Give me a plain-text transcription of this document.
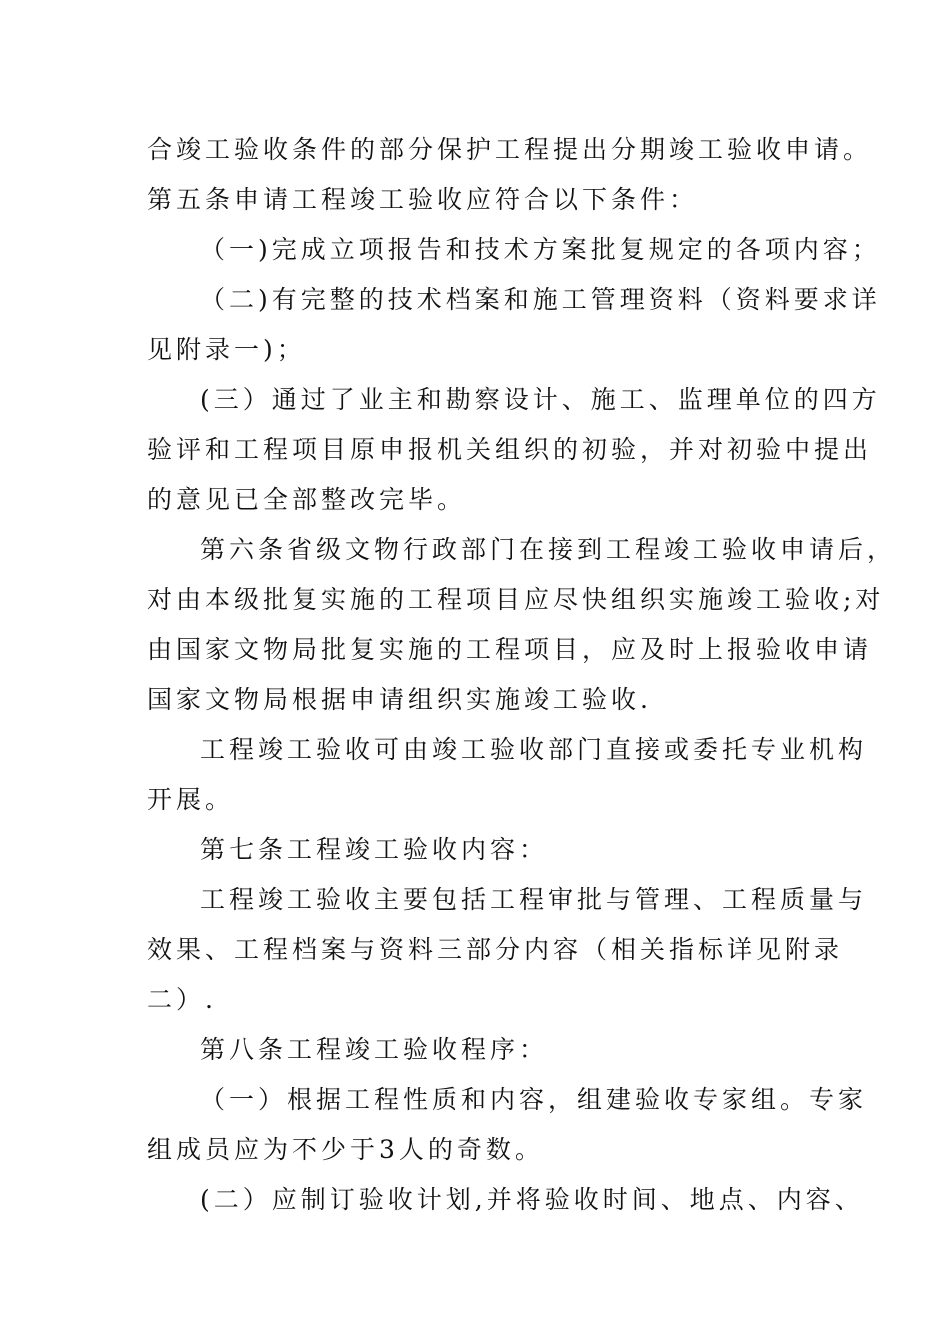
合竣工验收条件的部分保护工程提出分期竣工验收申请。
第五条申请工程竣工验收应符合以下条件：
（一)完成立项报告和技术方案批复规定的各项内容；
（二)有完整的技术档案和施工管理资料（资料要求详
见附录一)；
(三）通过了业主和勘察设计、施工、监理单位的四方
验评和工程项目原申报机关组织的初验，并对初验中提出
的意见已全部整改完毕。
第六条省级文物行政部门在接到工程竣工验收申请后，
对由本级批复实施的工程项目应尽快组织实施竣工验收;对
由国家文物局批复实施的工程项目，应及时上报验收申请
国家文物局根据申请组织实施竣工验收.
工程竣工验收可由竣工验收部门直接或委托专业机构
开展。
第七条工程竣工验收内容：
工程竣工验收主要包括工程审批与管理、工程质量与
效果、工程档案与资料三部分内容（相关指标详见附录
二）.
第八条工程竣工验收程序：
（一）根据工程性质和内容，组建验收专家组。专家
组成员应为不少于3人的奇数。
(二）应制订验收计划,并将验收时间、地点、内容、
